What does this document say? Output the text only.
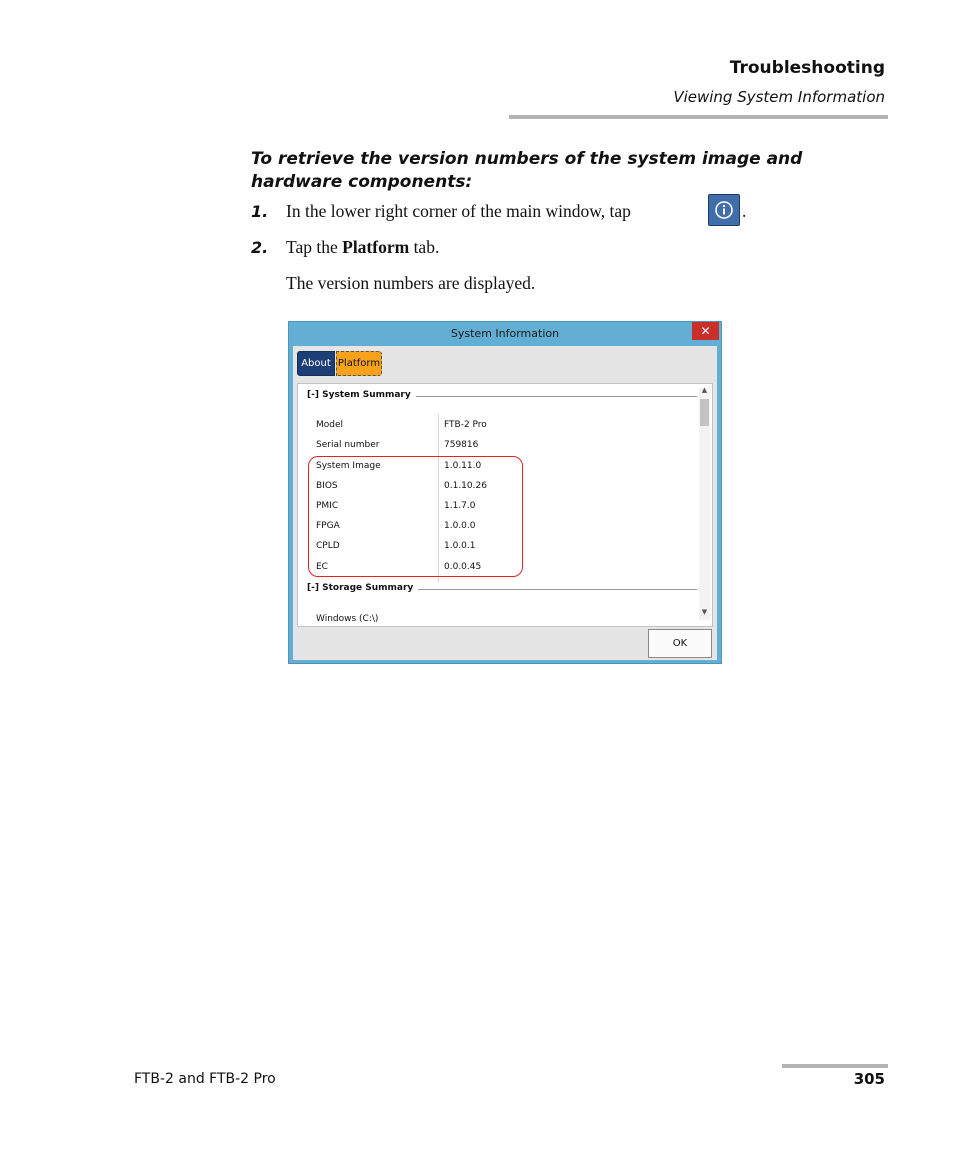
Troubleshooting
Viewing System Information
To retrieve the version numbers of the system image and hardware components:
1. In the lower right corner of the main window, tap	.
2. Tap the Platform tab.
The version numbers are displayed.
System Information	✕
About Platform
[-] System Summary
Model	FTB-2 Pro
Serial number	759816
System Image	1.0.11.0
BIOS	0.1.10.26
PMIC	1.1.7.0
FPGA	1.0.0.0
CPLD	1.0.0.1
EC	0.0.0.45
[-] Storage Summary
Windows (C:\)
▲
▼
OK
FTB-2 and FTB-2 Pro	305
